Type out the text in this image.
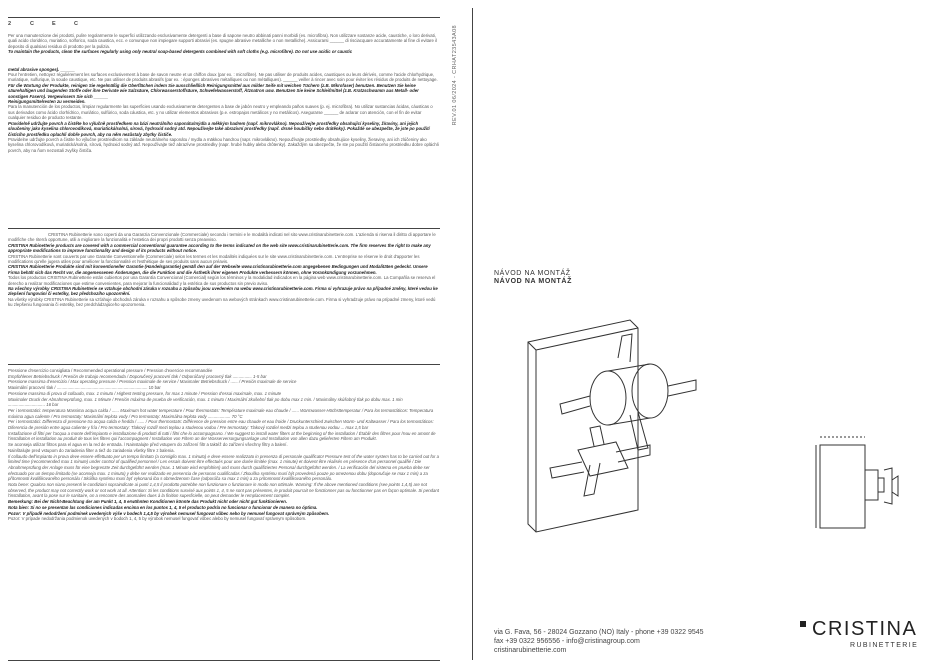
2	C	E	C
REV.01 06/2024 - CRHAT23543A08

Per una manutenzione dei prodotti, pulire regolarmente le superfici utilizzando esclusivamente detergenti a base di sapone neutro abbinati panni morbidi (es. microfibra). Non utilizzare sostanze acide, caustiche, o loro derivati, quali acido cloridrico, muriatico, solforico, soda caustica, ecc. e comunque non impiegare supporti abrasivi (es. spugne abrasive metalliche o non metalliche). Assicurarsi ______ di risciacquare accuratamente al fine di evitare il deposito di qualsiasi residuo di prodotto per la pulizia.

To maintain the products, clean the surfaces regularly using only neutral soap-based detergents combined with soft cloths (e.g. microfibre). Do not use acidic or caustic

metal abrasive sponges). ______

Pour l'entretien, nettoyez régulièrement les surfaces exclusivement à base de savon neutre et un chiffon doux (par ex. : microfibre). Ne pas utiliser de produits acides, caustiques ou leurs dérivés, comme l'acide chlorhydrique, muriatique, sulfurique, la soude caustique, etc. Ne pas utiliser de produits abrasifs (par ex. : éponges abrasives métalliques ou non métalliques). ______ veiller à rincer avec soin pour éviter les résidus de produits de nettoyage.

Für die Wartung der Produkte, reinigen Sie regelmäßig die Oberflächen indem Sie ausschließlich Reinigungsmittel aus milder Seife mit weichen Tüchern (z.B. Mikrofaser) benutzen. Benutzen Sie keine säurehaltigen und laugenden Stoffe oder ihre Derivate wie Salzsäure, Chlorwasserstoffsäure, Schwefelwasserstoff, Ätznatron usw. Benutzen Sie keine Schleifmittel (z.B. Kratzschwamm aus Metall- oder sonstigen Fasern). Vergewissern Sie sich ______

Reinigungsmittelresten zu vermeiden.

Para la manutención de los productos, limpiar regularmente las superficies usando exclusivamente detergentes a base de jabón neutro y empleando paños suaves (p. ej. microfibra). No utilizar sustancias ácidas, cáusticas o sus derivados como ácido clorhídrico, muriático, sulfúrico, soda cáustica, etc. y no utilizar elementos abrasivos (p.e. estropajos metálicos y no metálicos). Asegurarse ______ de aclarar con atención, con el fin de evitar cualquier residuo de producto restante.

Pravidelně udržujte povrch a čistěte ho výlučně prostředkem na bázi neutrálního saponátu/mýdla a měkkým hadrem (např. mikrovlákno). Nepoužívejte prostředky obsahující kyseliny, žíraviny, ani jejich sloučeniny jako kyselina chlorovodíková, muriatická/solná, sírová, hydroxid sodný atd. Nepoužívejte také abrazivní prostředky (např. drsné houbičky nebo drátěnky). Pokaždé se ubezpečte, že jste po použití čisticího prostředku oplachli dobře povrch, aby na něm nezůstaly zbytky čističe.

Pravidelne udržujte povrch a čistite ho výlučne prostriedkom na základe neutrálneho saponátu / mydla a mäkkou handrou (napr. mikrovlákno). Nepoužívajte prostriedky obsahujúce kyseliny, žieraviny, ani ich zlúčeniny ako kyselina chlorovodíková, muriatická/solná, sírová, hydroxid sodný atď. Nepoužívajte tiež abrazívne prostriedky (napr. hrubé hubky alebo drôtenky). Zakaždým sa ubezpečte, že ste po použití čistiaceho prostriedku dobre opláchli povrch, aby na ňom nezostali zvyšky čističa.

CRISTINA Rubinetterie sono coperti da una Garanzia Convenzionale (Commerciale) secondo i termini e le modalità indicati nel sito www.cristinarubinetterie.com. L'azienda si riserva il diritto di apportare le modifiche che riterrà opportune, utili a migliorare la funzionalità e l'estetica dei propri prodotti senza preavviso.

CRISTINA Rubinetterie products are covered with a commercial conventional guarantee according to the terms indicated on the web site www.cristinarubinetterie.com. The firm reserves the right to make any appropriate modifications to improve functionality and design of its products without notice.

CRISTINA Rubinetterie sont couverts par une Garantie Conventionnelle (Commerciale) selon les termes et les modalités indiquées sur le site www.cristinarubinetterie.com. L'entreprise se réserve le droit d'apporter les modifications qu'elle jugera utiles pour améliorer la fonctionnalité et l'esthétique de ses produits sans aucun préavis.

CRISTINA Rubinetterie Produkte sind mit konventioneller Garantie (Handelsgarantie) gemäß den auf der Webseite www.cristinarubinetterie.com angegebenen Bedingungen und Modalitäten gedeckt. Unsere Firma behält sich das Recht vor, die angemessenen Änderungen, die die Funktion und die Ästhetik ihrer eigenen Produkte verbessern können, ohne Vorankündigung vorzunehmen.

Todos los productos CRISTINA Rubinetterie están cubiertos por una Garantía Convencional (Comercial) según los términos y la modalidad indicados en la página web www.cristinarubinetterie.com. La Compañía se reserva el derecho a realizar modificaciones que estime convenientes, para mejorar la funcionalidad y la estética de sus productos sin previo aviso.

Na všechny výrobky CRISTINA Rubinetterie se vztahuje obchodní záruka v rozsahu a způsobu jsou uvedeném na webu www.cristinarubinetterie.com. Firma si vyhrazuje právo na případné změny, které vedou ke zlepšení fungování či estetiky, bez předchozího upozornění.

Na všetky výrobky CRISTINA Rubinetterie sa vzťahuje obchodná záruka v rozsahu a spôsobe zmeny uvedenom na webových stránkach www.cristinarubinetterie.com. Firma si vyhradzuje právo na prípadné zmeny, ktoré vedú ku zlepšeniu fungovania či estetiky, bez predchádzajúceho upozornenia.

Pressione d'esercizio consigliata / Recommended operational pressure / Pression d'exercice recommandée

Empfohlener Betriebsdruck / Presión de trabajo recomendada / Doporučený pracovní tlak / Odporúčaný pracovný tlak ................ 1-5 bar

Pressione massima d'esercizio / Max operating pressure / Pression maximale de service / Maximaler Betriebsdruck / ...... / Presión maximale de service

Maximální pracovní tlak / ............................................................................ 10 bar

Pressione massima di prova di collaudo, max. 1 minuto / Highest testing pressure, for max 1 minute / Pression d'essai maximale, max. 1 minute

Maximaler Druck der Abnahmeprüfung, max. 1 Minute / Presión máxima de prueba de verificación, max. 1 minuto / Maximální zkušební tlak po dobu max 1 min. / Maximálny skúšobný tlak po dobu max. 1 min ............................... 16 bar

Per i termostatici: temperatura Massima acqua calda / ...... Maximum hot water temperature / Pour thermostats: Température maximale eau chaude / ...... Warmwasser-Höchsttemperatur / Para los termostáticos: Temperatura máxima agua caliente / Pro termostaty: Maximální teplota vody / Pro termostaty: Maximálna teplota vody ................... 70 °C

Per i termostatici: Differenza di pressione tra acqua calda e fredda / ...... / Pour thermostats: Différence de pression entre eau chaude et eau froide / Druckunterschied zwischen Warm- und Kaltwasser / Para los termostáticos: Diferencia de presión entre agua caliente y fría / Pro termostaty: Tlakový rozdíl mezi teplou a studenou vodou / Pre termostaty: Tlakový rozdiel medzi teplou a studenou vodou ... max 1,5 bar

Installazione di filtri per l'acqua a monte dell'impianto e installazione di prodotti di tutti i filtri che lo accompagnano. / We suggest to install water filters at the beginning of the installation / Établir des filtres pour l'eau en amont de l'installation et installation au produit de tous les filtres qui l'accompagnent / Installation von Filtern an der Wasserversorgungsanlage und Installation von allen dazu gelieferten Filtern am Produkt.

Se aconseja utilizar filtros para el agua en la red de entrada. / Nainstalujte před vstupem do zařízení filtr a taktéž do zařízení všechny filtry a balení.

Nainštalujte pred vstupom do zariadenia filter a tiež do zariadenia všetky filtre z balenia.

Il collaudo dell'impianto in prova deve essere effettuato per un tempo limitato (a consiglio max. 1 minuto) e deve essere realizzato in presenza di personale qualificato! Pressure test of the water system has to be carried out for a limited time (recommended max 1 minute) under control of qualified personnel / Les essais doivent être effectués pour une durée limitée (max. 1 minute) et doivent être réalisés en présence d'un personnel qualifié / Die Abnahmeprüfung der Anlage muss für eine begrenzte Zeit durchgeführt werden (max. 1 Minute wird empfohlen) und muss durch qualifiziertes Personal durchgeführt werden. / La verificación del sistema en prueba debe ser efectuado por un tiempo limitado (se aconseja max. 1 minuto) y debe ser realizado en presencia de personas cualificadas / Zkouška systému musí být provedená pouze po omezenou dobu (doporučuje se max 1 min) a za přítomnosti kvalifikovaného personálu / Skúška systému musí byť vykonaná iba s obmedzenom čase (odporúča sa max 1 min) a za prítomnosti kvalifikovaného personálu.

Nota bene: Qualora non siano presenti le condizioni sopraindicate ai punti 1,4,5 il prodotto potrebbe non funzionare o funzionare in modo non ottimale. Warning: If the above mentioned conditions (see points 1,4,5) are not observed, the product may not correctly work or not work at all. Attention: Si les conditions susvisé aux points 1, 4, 5 ne sont pas présentes, le produit pourrait ne fonctionner pas ou fonctionner pas en façon optimale. Si pendant l'installation, avant la pose sur le sanitaire, on a rencontre des anomalies dues à la finition superficielle, on peut demander le remplacement complet.

Bemerkung: Bei der Nicht-Beachtung der am Punkt 1, 4, 5 erwähnten Konditionen könnte das Produkt nicht oder nicht gut funktionieren.

Nota bien: Si no se presentan las condiciones indicadas encima en los puntos 1, 4, 5 el producto podría no funcionar o funcionar de manera no óptima.

Pozor: V případě nedodržení podmínek uvedených výše v bodech 1,4,5 by výrobek nemusel fungovat vůbec nebo by nemusel fungovat správným způsobem.

Pozor: V prípade nedodržania podmienok uvedených v bodoch 1, 4, 5 by výrobok nemusel fungovať vôbec alebo by nemusel fungovať správnym spôsobom.

NÁVOD NA MONTÁŽ
NÁVOD NA MONTÁŽ
via G. Fava, 56 - 28024 Gozzano (NO) Italy - phone +39 0322 9545
fax +39 0322 956556 - info@cristinagroup.com
cristinarubinetterie.com
CRISTINA
RUBINETTERIE
